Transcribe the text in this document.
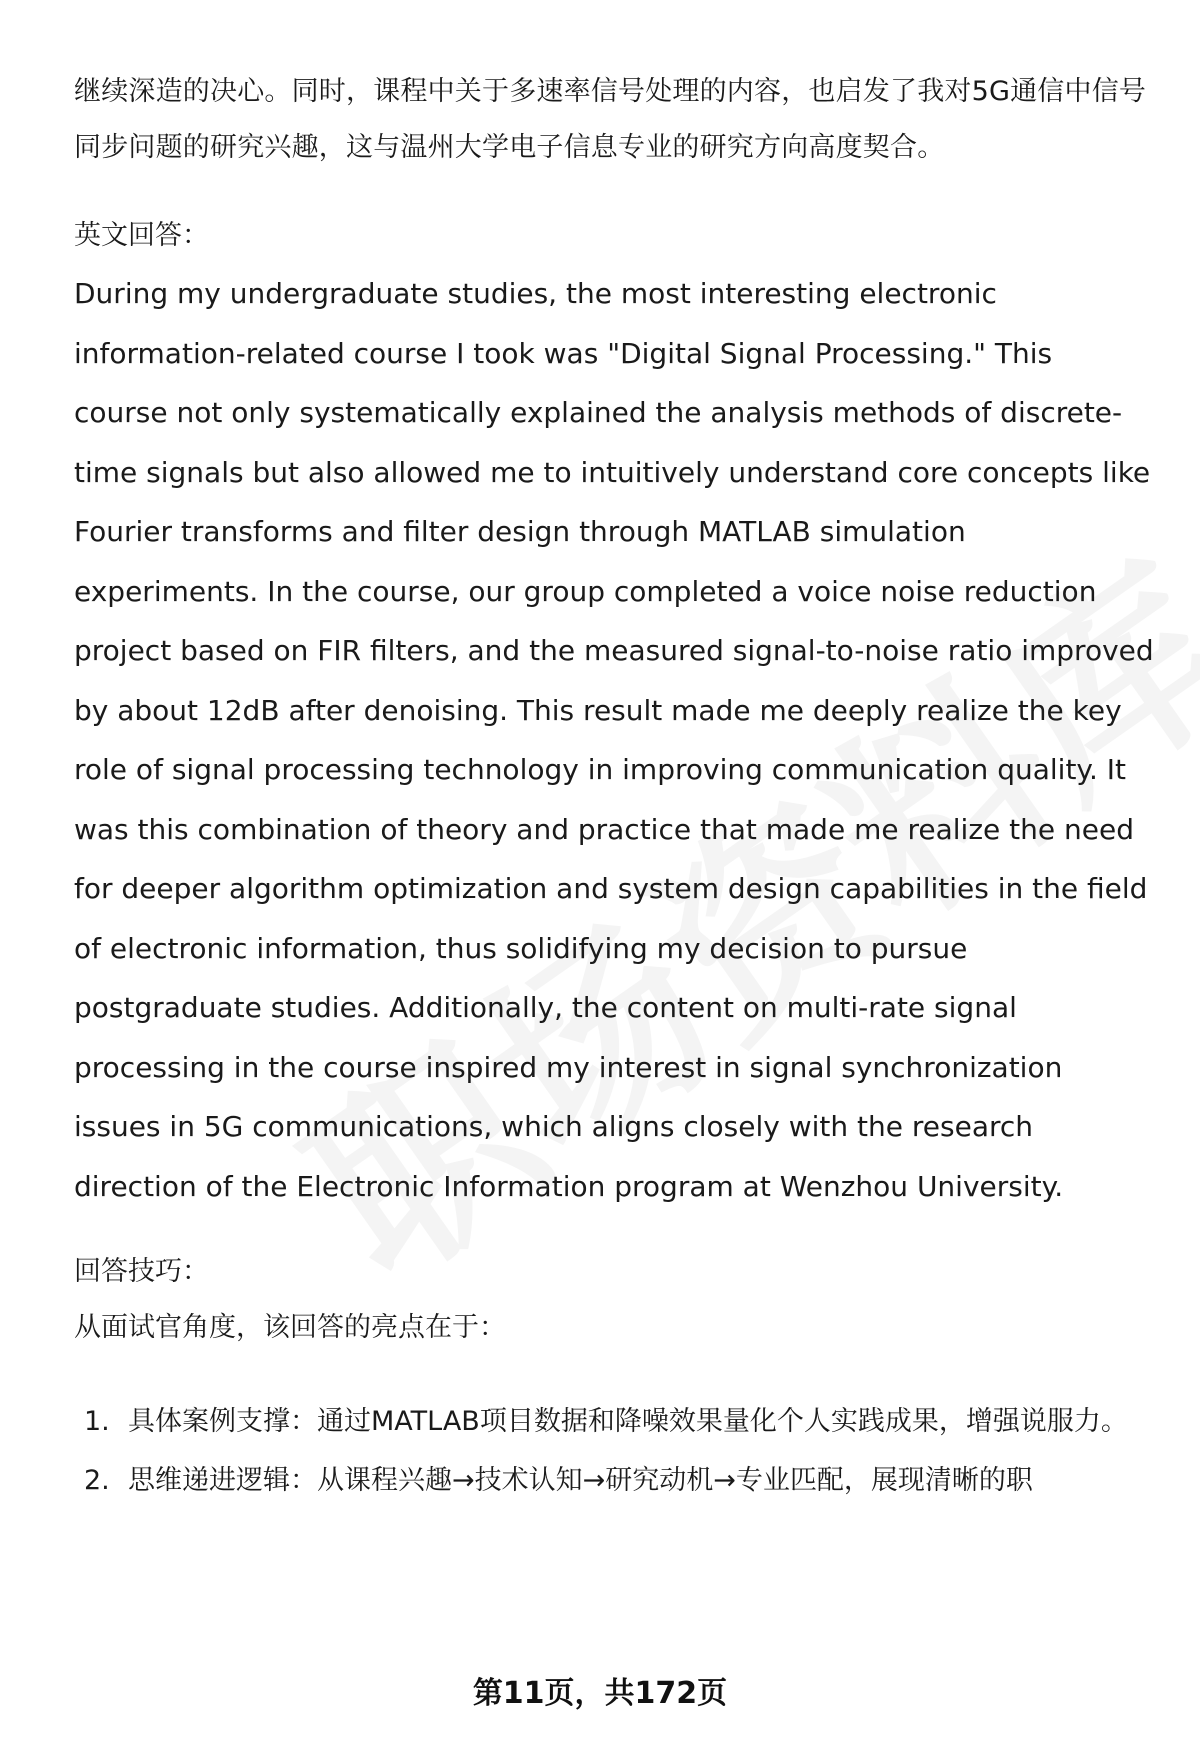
继续深造的决心。同时，课程中关于多速率信号处理的内容，也启发了我对5G通信中信号同步问题的研究兴趣，这与温州大学电子信息专业的研究方向高度契合。

英文回答：

During my undergraduate studies, the most interesting electronic information-related course I took was "Digital Signal Processing." This course not only systematically explained the analysis methods of discrete-time signals but also allowed me to intuitively understand core concepts like Fourier transforms and filter design through MATLAB simulation experiments. In the course, our group completed a voice noise reduction project based on FIR filters, and the measured signal-to-noise ratio improved by about 12dB after denoising. This result made me deeply realize the key role of signal processing technology in improving communication quality. It was this combination of theory and practice that made me realize the need for deeper algorithm optimization and system design capabilities in the field of electronic information, thus solidifying my decision to pursue postgraduate studies. Additionally, the content on multi-rate signal processing in the course inspired my interest in signal synchronization issues in 5G communications, which aligns closely with the research direction of the Electronic Information program at Wenzhou University.

回答技巧：

从面试官角度，该回答的亮点在于：

1. 具体案例支撑：通过MATLAB项目数据和降噪效果量化个人实践成果，增强说服力。
2. 思维递进逻辑：从课程兴趣→技术认知→研究动机→专业匹配，展现清晰的职
第11页，共172页
